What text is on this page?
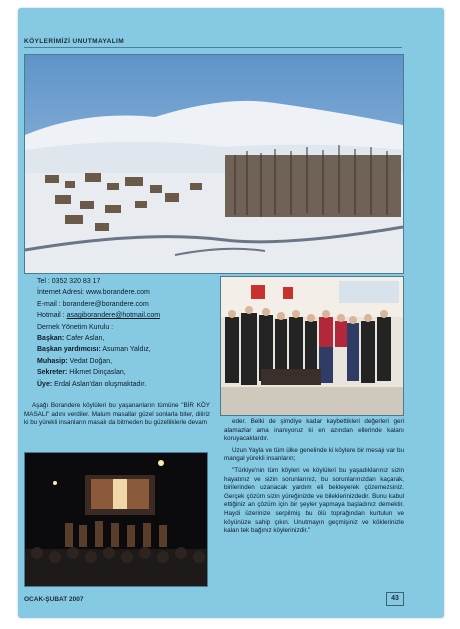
KÖYLERİMİZİ UNUTMAYALIM
Tel : 0352 320 83 17
İnternet Adresi: www.borandere.com
E-mail : borandere@borandere.com
Hotmail : asagiborandere@hotmail.com
Dernek Yönetim Kurulu :
Başkan: Cafer Aslan,
Başkan yardımcısı: Asuman Yaldız,
Muhasip: Vedat Doğan,
Sekreter: Hikmet Dinçaslan,
Üye: Erdal Aslan'dan oluşmaktadır.
Aşağı Borandere köylüleri bu yaşananların tümüne "BİR KÖY MASALI" adını verdiler. Malum masallar güzel sonlarla biter, diliriz ki bu yürekli insanların masalı da bitmeden bu güzelliklerle devam	eder. Belki de şimdiye kadar kaybettikleri değerleri geri alamazlar ama inanıyoruz ki en azından ellerinde kalanı koruyacaklardır.

Uzun Yayla ve tüm ülke genelinde ki köylere bir mesajı var bu mangal yürekli insanların;

"Türkiye'nin tüm köyleri ve köylüleri bu yaşadıklarınız sizin hayatınız ve sizin sorunlarınız, bu sorunlarınızdan kaçarak, birilerinden uzanacak yardım eli bekleyerek çözemezsiniz. Gerçek çözüm sizin yüreğinizde ve bileklerinizdedir. Bunu kabul ettiğiniz an çözüm için bir şeyler yapmaya başladınız demektir. Haydi üzerinize serpilmiş bu ölü toprağından kurtulun ve köyünüze sahip çıkın. Unutmayın geçmişiniz ve köklerinizle kalan tek bağınız köylerinizdir."

OCAK-ŞUBAT 2007	43
